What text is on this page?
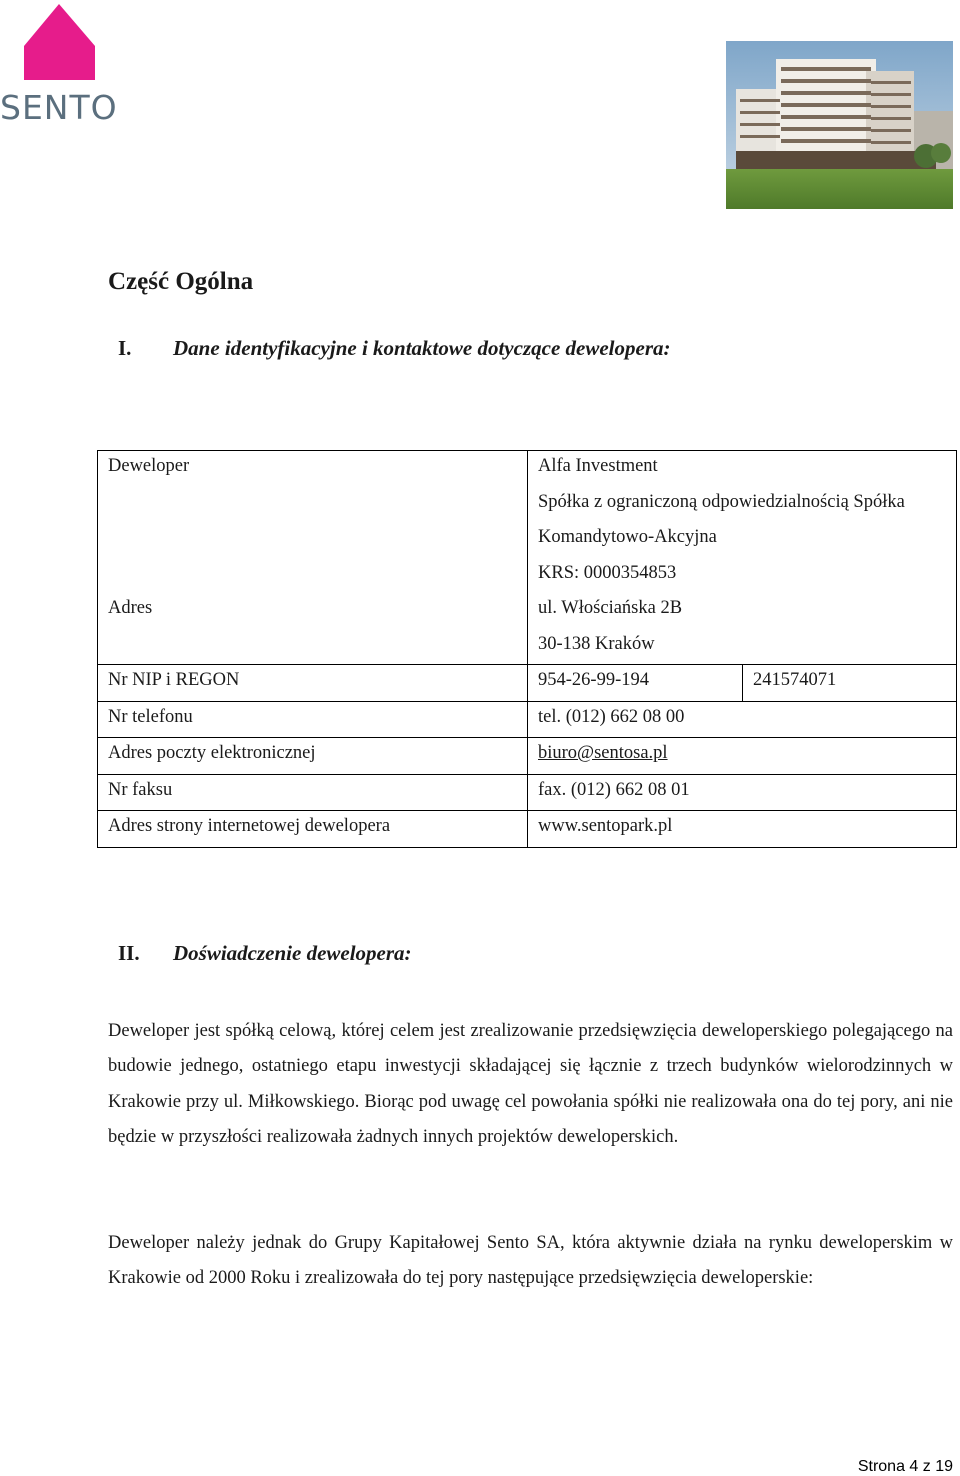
SENTO
Część Ogólna
I. Dane identyfikacyjne i kontaktowe dotyczące dewelopera:
Deweloper	Alfa Investment
Spółka z ograniczoną odpowiedzialnością Spółka
Komandytowo-Akcyjna
KRS: 0000354853	

Adres	ul. Włościańska 2B
30-138 Kraków	

Nr NIP i REGON	954-26-99-194	241574071

Nr telefonu	tel. (012) 662 08 00	

Adres poczty elektronicznej	biuro@sentosa.pl	

Nr faksu	fax. (012) 662 08 01	

Adres strony internetowej dewelopera	www.sentopark.pl	
II. Doświadczenie dewelopera:

Deweloper jest spółką celową, której celem jest zrealizowanie przedsięwzięcia deweloperskiego polegającego na budowie jednego, ostatniego etapu inwestycji składającej się łącznie z trzech budynków wielorodzinnych w Krakowie przy ul. Miłkowskiego. Biorąc pod uwagę cel powołania spółki nie realizowała ona do tej pory, ani nie będzie w przyszłości realizowała żadnych innych projektów deweloperskich.

Deweloper należy jednak do Grupy Kapitałowej Sento SA, która aktywnie działa na rynku deweloperskim w Krakowie od 2000 Roku i zrealizowała do tej pory następujące przedsięwzięcia deweloperskie:

Strona 4 z 19
